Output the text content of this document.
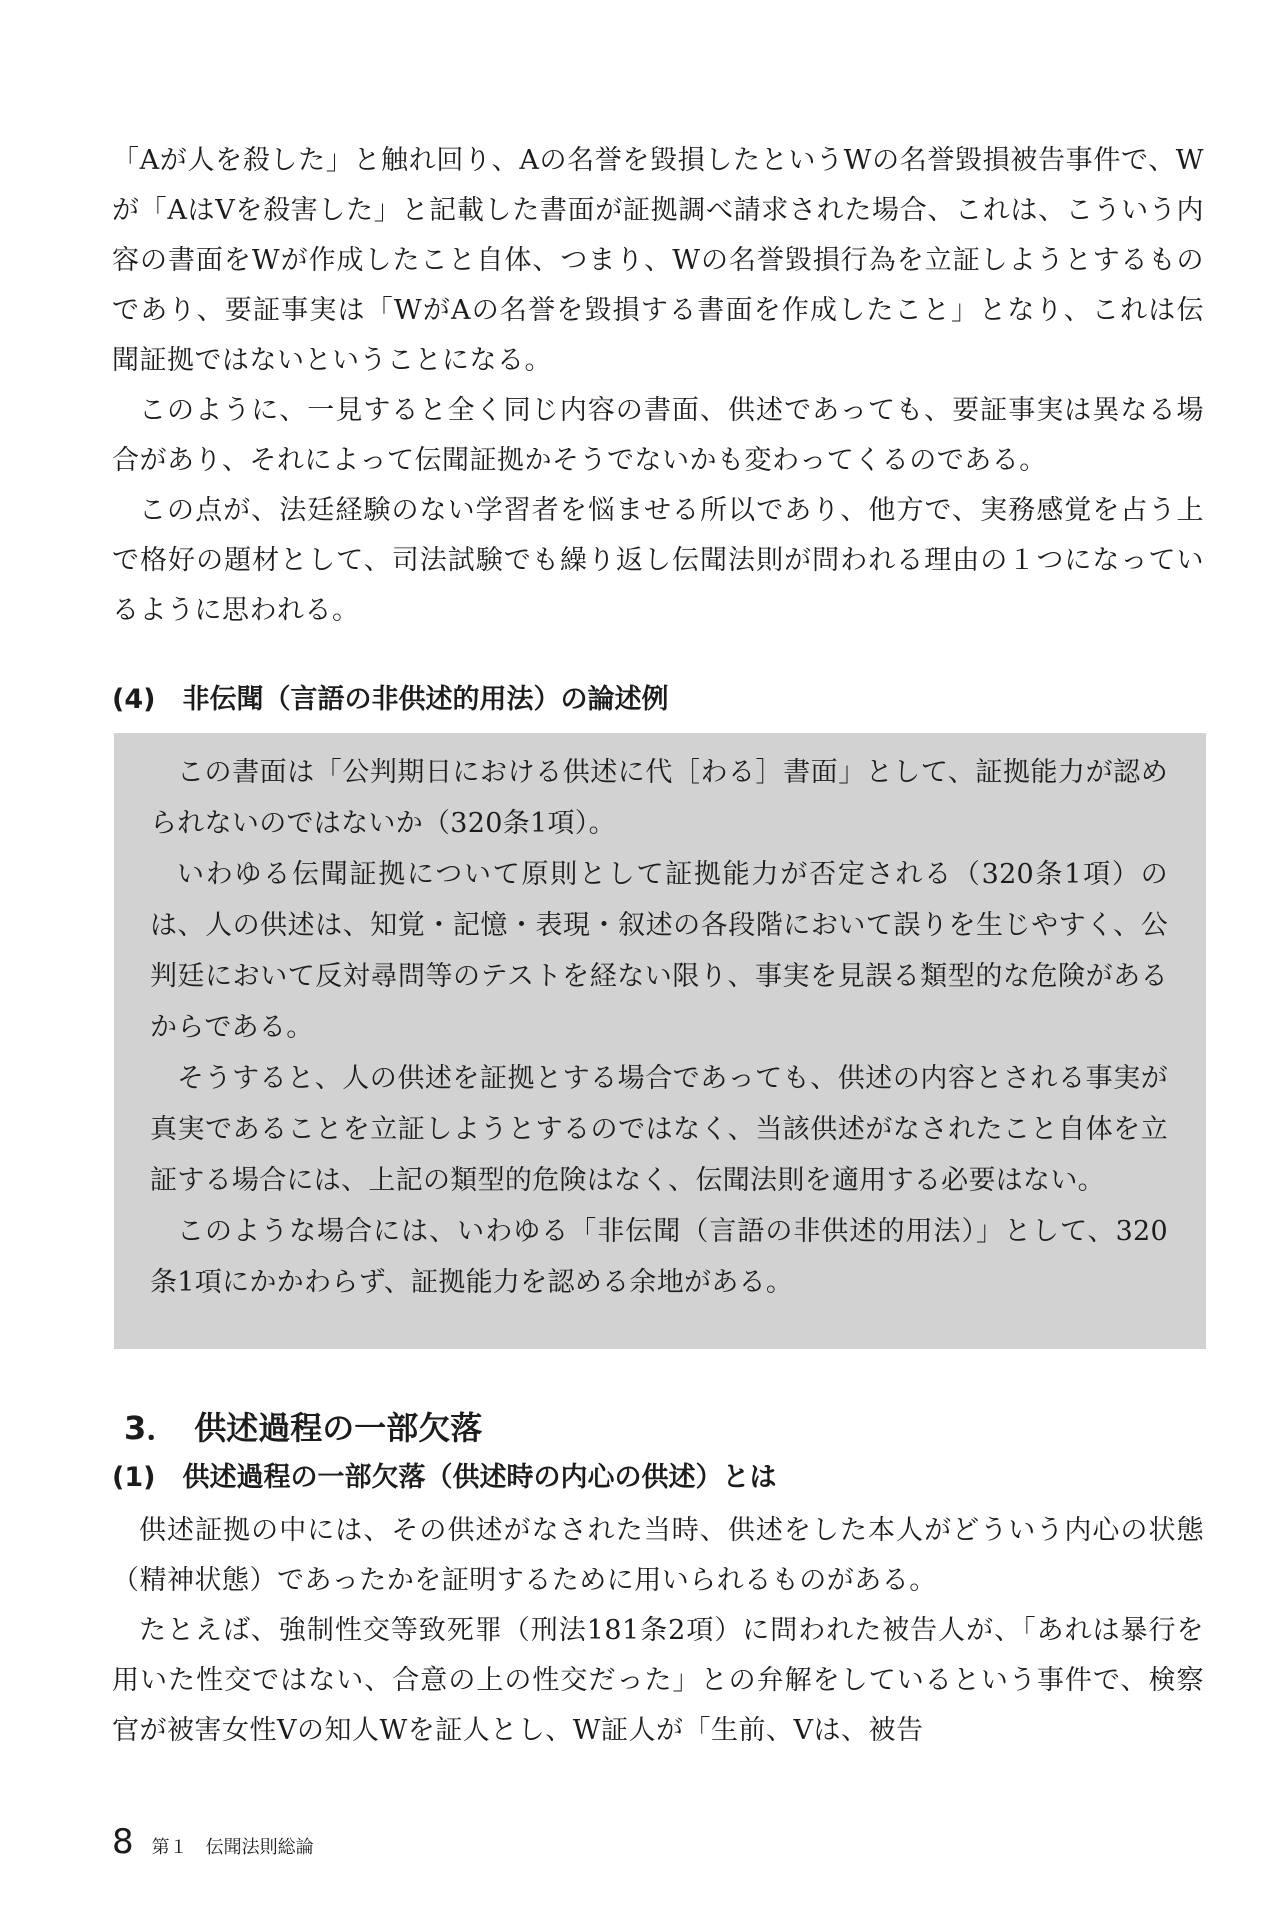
「Aが人を殺した」と触れ回り、Aの名誉を毀損したというWの名誉毀損被告事件で、Wが「AはVを殺害した」と記載した書面が証拠調べ請求された場合、これは、こういう内容の書面をWが作成したこと自体、つまり、Wの名誉毀損行為を立証しようとするものであり、要証事実は「WがAの名誉を毀損する書面を作成したこと」となり、これは伝聞証拠ではないということになる。

このように、一見すると全く同じ内容の書面、供述であっても、要証事実は異なる場合があり、それによって伝聞証拠かそうでないかも変わってくるのである。

この点が、法廷経験のない学習者を悩ませる所以であり、他方で、実務感覚を占う上で格好の題材として、司法試験でも繰り返し伝聞法則が問われる理由の１つになっているように思われる。

(4)　非伝聞（言語の非供述的用法）の論述例

この書面は「公判期日における供述に代［わる］書面」として、証拠能力が認められないのではないか（320条1項）。

いわゆる伝聞証拠について原則として証拠能力が否定される（320条1項）のは、人の供述は、知覚・記憶・表現・叙述の各段階において誤りを生じやすく、公判廷において反対尋問等のテストを経ない限り、事実を見誤る類型的な危険があるからである。

そうすると、人の供述を証拠とする場合であっても、供述の内容とされる事実が真実であることを立証しようとするのではなく、当該供述がなされたこと自体を立証する場合には、上記の類型的危険はなく、伝聞法則を適用する必要はない。

このような場合には、いわゆる「非伝聞（言語の非供述的用法）」として、320条1項にかかわらず、証拠能力を認める余地がある。

3．　供述過程の一部欠落
(1)　供述過程の一部欠落（供述時の内心の供述）とは

供述証拠の中には、その供述がなされた当時、供述をした本人がどういう内心の状態（精神状態）であったかを証明するために用いられるものがある。

たとえば、強制性交等致死罪（刑法181条2項）に問われた被告人が、「あれは暴行を用いた性交ではない、合意の上の性交だった」との弁解をしているという事件で、検察官が被害女性Vの知人Wを証人とし、W証人が「生前、Vは、被告

8 第１　伝聞法則総論
